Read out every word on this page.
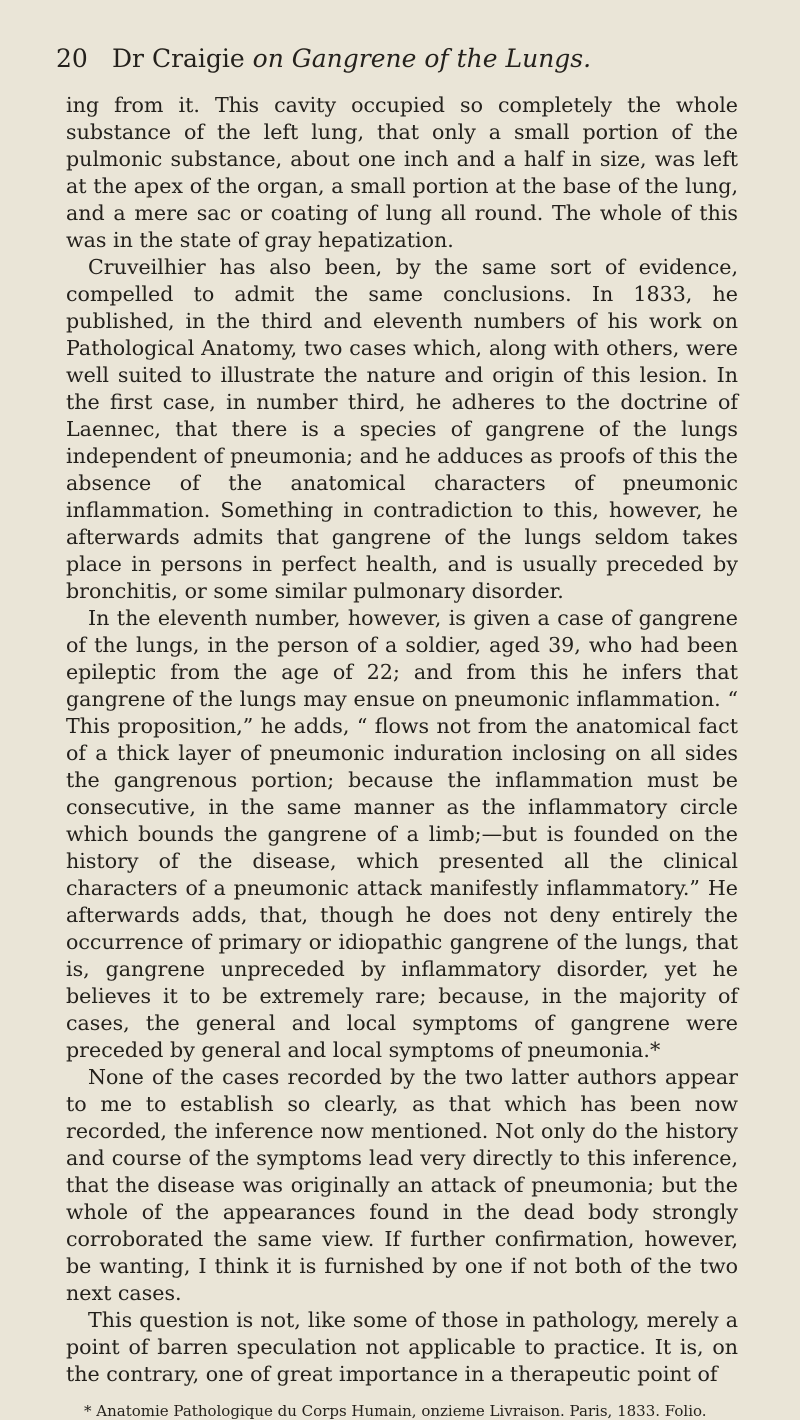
20 Dr Craigie on Gangrene of the Lungs.

ing from it. This cavity occupied so completely the whole substance of the left lung, that only a small portion of the pulmonic substance, about one inch and a half in size, was left at the apex of the organ, a small portion at the base of the lung, and a mere sac or coating of lung all round. The whole of this was in the state of gray hepatization.

Cruveilhier has also been, by the same sort of evidence, compelled to admit the same conclusions. In 1833, he published, in the third and eleventh numbers of his work on Pathological Anatomy, two cases which, along with others, were well suited to illustrate the nature and origin of this lesion. In the first case, in number third, he adheres to the doctrine of Laennec, that there is a species of gangrene of the lungs independent of pneumonia; and he adduces as proofs of this the absence of the anatomical characters of pneumonic inflammation. Something in contradiction to this, however, he afterwards admits that gangrene of the lungs seldom takes place in persons in perfect health, and is usually preceded by bronchitis, or some similar pulmonary disorder.

In the eleventh number, however, is given a case of gangrene of the lungs, in the person of a soldier, aged 39, who had been epileptic from the age of 22; and from this he infers that gangrene of the lungs may ensue on pneumonic inflammation. “ This proposition,” he adds, “ flows not from the anatomical fact of a thick layer of pneumonic induration inclosing on all sides the gangrenous portion; because the inflammation must be consecutive, in the same manner as the inflammatory circle which bounds the gangrene of a limb;—but is founded on the history of the disease, which presented all the clinical characters of a pneumonic attack manifestly inflammatory.” He afterwards adds, that, though he does not deny entirely the occurrence of primary or idiopathic gangrene of the lungs, that is, gangrene unpreceded by inflammatory disorder, yet he believes it to be extremely rare; because, in the majority of cases, the general and local symptoms of gangrene were preceded by general and local symptoms of pneumonia.*

None of the cases recorded by the two latter authors appear to me to establish so clearly, as that which has been now recorded, the inference now mentioned. Not only do the history and course of the symptoms lead very directly to this inference, that the disease was originally an attack of pneumonia; but the whole of the appearances found in the dead body strongly corroborated the same view. If further confirmation, however, be wanting, I think it is furnished by one if not both of the two next cases.

This question is not, like some of those in pathology, merely a point of barren speculation not applicable to practice. It is, on the contrary, one of great importance in a therapeutic point of

* Anatomie Pathologique du Corps Humain, onzieme Livraison. Paris, 1833. Folio.
